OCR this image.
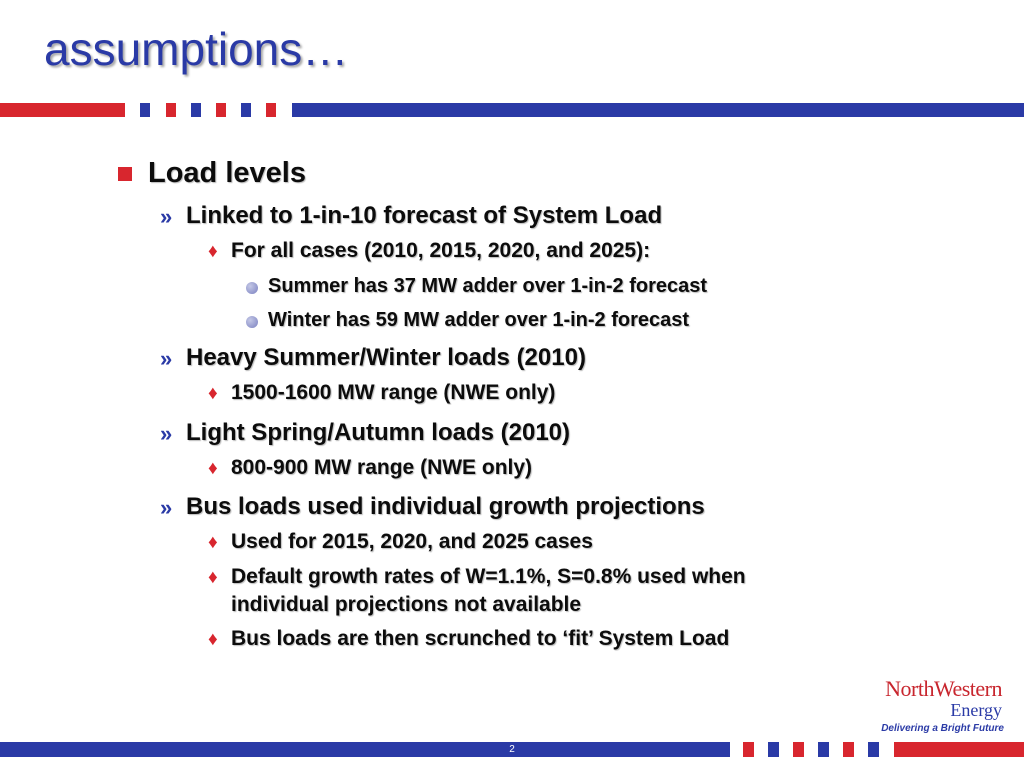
assumptions…
Load levels
» Linked to 1-in-10 forecast of System Load
♦ For all cases (2010, 2015, 2020, and 2025):
Summer has 37 MW adder over 1-in-2 forecast
Winter has 59 MW adder over 1-in-2 forecast
» Heavy Summer/Winter loads (2010)
♦ 1500-1600 MW range (NWE only)
» Light Spring/Autumn loads (2010)
♦ 800-900 MW range (NWE only)
» Bus loads used individual growth projections
♦ Used for 2015, 2020, and 2025 cases
♦ Default growth rates of W=1.1%, S=0.8% used when
individual projections not available
♦ Bus loads are then scrunched to ‘fit’ System Load
NorthWestern
Energy
Delivering a Bright Future
2
